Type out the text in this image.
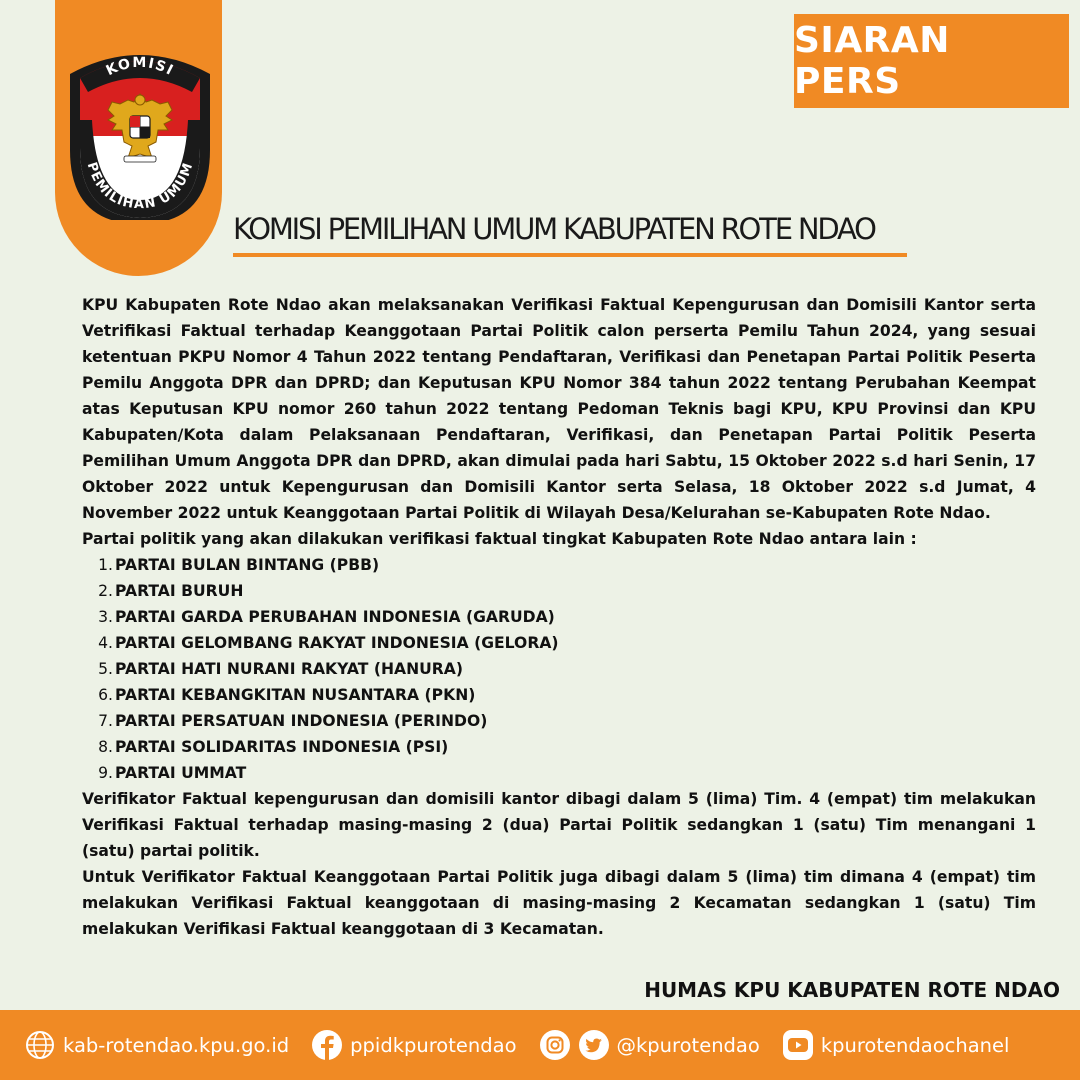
KOMISI
PEMILIHAN UMUM
SIARAN PERS
KOMISI PEMILIHAN UMUM KABUPATEN ROTE NDAO

KPU Kabupaten Rote Ndao akan melaksanakan Verifikasi Faktual Kepengurusan dan Domisili Kantor serta Vetrifikasi Faktual terhadap Keanggotaan Partai Politik calon perserta Pemilu Tahun 2024, yang sesuai ketentuan PKPU Nomor 4 Tahun 2022 tentang Pendaftaran, Verifikasi dan Penetapan Partai Politik Peserta Pemilu Anggota DPR dan DPRD; dan Keputusan KPU Nomor 384 tahun 2022 tentang Perubahan Keempat atas Keputusan KPU nomor 260 tahun 2022 tentang Pedoman Teknis bagi KPU, KPU Provinsi dan KPU Kabupaten/Kota dalam Pelaksanaan Pendaftaran, Verifikasi, dan Penetapan Partai Politik Peserta Pemilihan Umum Anggota DPR dan DPRD, akan dimulai pada hari Sabtu, 15 Oktober 2022 s.d hari Senin, 17 Oktober 2022 untuk Kepengurusan dan Domisili Kantor serta Selasa, 18 Oktober 2022 s.d Jumat, 4 November 2022 untuk Keanggotaan Partai Politik di Wilayah Desa/Kelurahan se-Kabupaten Rote Ndao.

Partai politik yang akan dilakukan verifikasi faktual tingkat Kabupaten Rote Ndao antara lain :

1. PARTAI BULAN BINTANG (PBB)
2. PARTAI BURUH
3. PARTAI GARDA PERUBAHAN INDONESIA (GARUDA)
4. PARTAI GELOMBANG RAKYAT INDONESIA (GELORA)
5. PARTAI HATI NURANI RAKYAT (HANURA)
6. PARTAI KEBANGKITAN NUSANTARA (PKN)
7. PARTAI PERSATUAN INDONESIA (PERINDO)
8. PARTAI SOLIDARITAS INDONESIA (PSI)
9. PARTAI UMMAT

Verifikator Faktual kepengurusan dan domisili kantor dibagi dalam 5 (lima) Tim. 4 (empat) tim melakukan Verifikasi Faktual terhadap masing-masing 2 (dua) Partai Politik sedangkan 1 (satu) Tim menangani 1 (satu) partai politik.

Untuk Verifikator Faktual Keanggotaan Partai Politik juga dibagi dalam 5 (lima) tim dimana 4 (empat) tim melakukan Verifikasi Faktual keanggotaan di masing-masing 2 Kecamatan sedangkan 1 (satu) Tim melakukan Verifikasi Faktual keanggotaan di 3 Kecamatan.

HUMAS KPU KABUPATEN ROTE NDAO
kab-rotendao.kpu.go.id	ppidkpurotendao	@kpurotendao	kpurotendaochanel
